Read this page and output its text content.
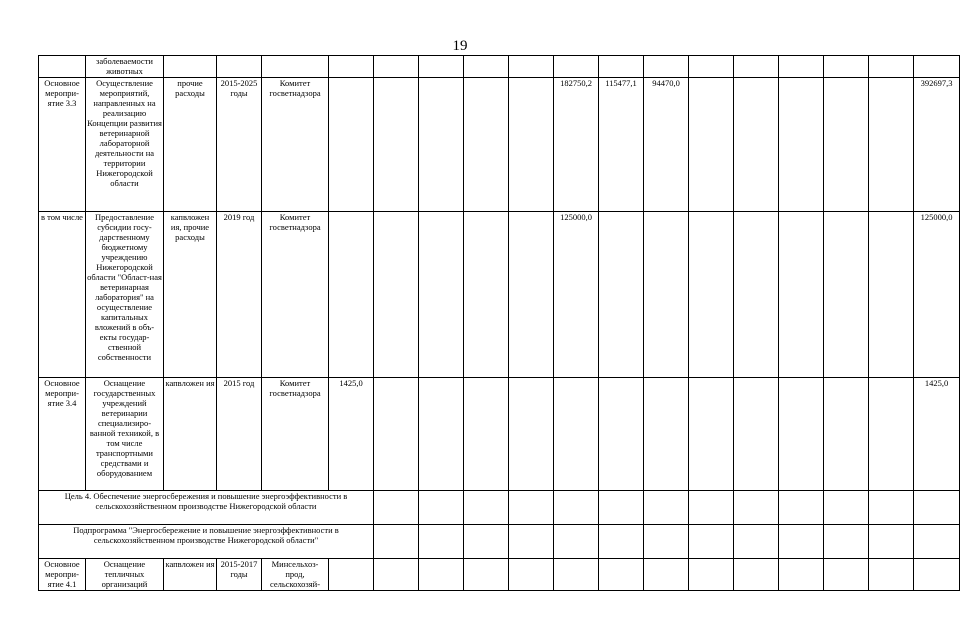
19
	заболеваемости животных																	
Основное меропри-ятие 3.3	Осуществление мероприятий, направленных на реализацию Концепции развития ветеринарной лабораторной деятельности на территории Нижегородской области	прочие расходы	2015-2025 годы	Комитет госветнадзора						182750,2	115477,1	94470,0						392697,3
в том числе	Предоставление субсидии госу-дарственному бюджетному учреждению Нижегородской области "Област-ная ветеринарная лаборатория" на осуществление капитальных вложений в объ-екты государ-ственной собственности	капвложен ия, прочие расходы	2019 год	Комитет госветнадзора						125000,0								125000,0
Основное меропри-ятие 3.4	Оснащение государственных учреждений ветеринарии специализиро-ванной техникой, в том числе транспортными средствами и оборудованием	капвложен ия	2015 год	Комитет госветнадзора	1425,0													1425,0
Цель 4. Обеспечение энергосбережения и повышение энергоэффективности в сельскохозяйственном производстве Нижегородской области																		
Подпрограмма "Энергосбережение и повышение энергоэффективности в сельскохозяйственном производстве Нижегородской области"																		
Основное меропри-ятие 4.1	Оснащение тепличных организаций	капвложен ия	2015-2017 годы	Минсельхоз-прод, сельскохозяй-														
